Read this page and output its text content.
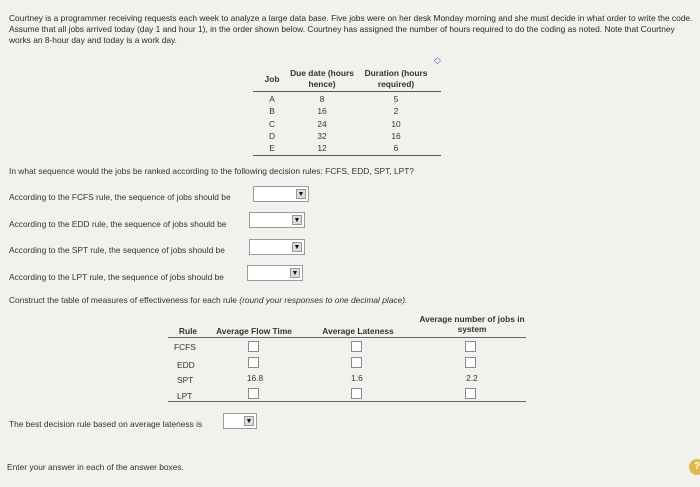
Courtney is a programmer receiving requests each week to analyze a large data base. Five jobs were on her desk Monday morning and she must decide in what order to write the code. Assume that all jobs arrived today (day 1 and hour 1), in the order shown below. Courtney has assigned the number of hours required to do the coding as noted. Note that Courtney works an 8-hour day and today is a work day.
◇
Job
Due date (hours hence)
Duration (hours required)
A	8	5
B	16	2
C	24	10
D	32	16
E	12	6
In what sequence would the jobs be ranked according to the following decision rules: FCFS, EDD, SPT, LPT?
According to the FCFS rule, the sequence of jobs should be	▼
According to the EDD rule, the sequence of jobs should be	▼
According to the SPT rule, the sequence of jobs should be	▼
According to the LPT rule, the sequence of jobs should be	▼
Construct the table of measures of effectiveness for each rule (round your responses to one decimal place).
Rule	Average Flow Time	Average Lateness
Average number of jobs in system
FCFS
EDD
SPT	16.8	1.6	2.2
LPT
The best decision rule based on average lateness is	▼
Enter your answer in each of the answer boxes.	?
